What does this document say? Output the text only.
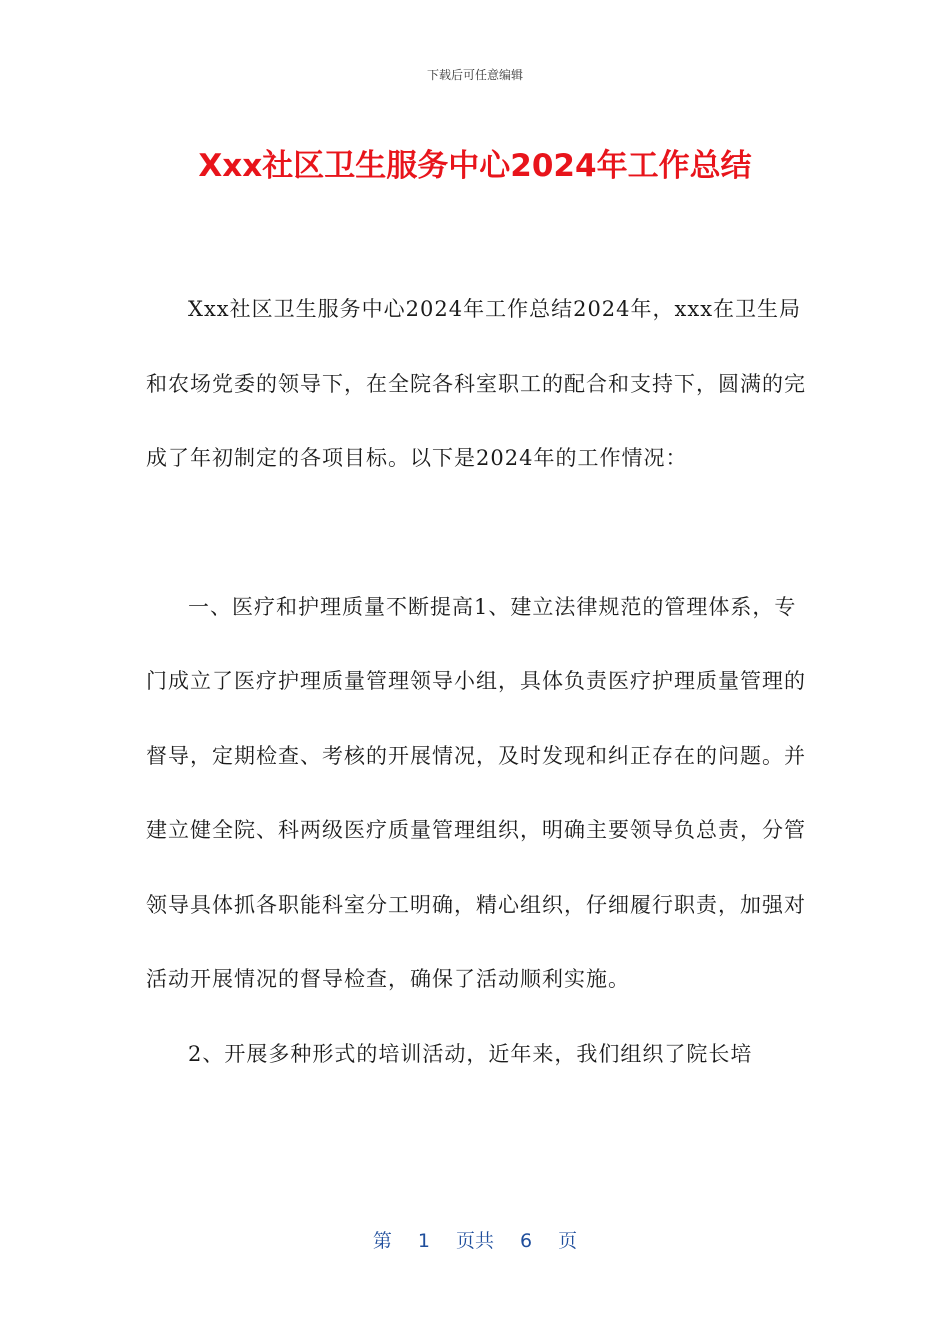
下载后可任意编辑
Xxx社区卫生服务中心2024年工作总结

Xxx社区卫生服务中心2024年工作总结2024年，xxx在卫生局和农场党委的领导下，在全院各科室职工的配合和支持下，圆满的完成了年初制定的各项目标。以下是2024年的工作情况：

一、医疗和护理质量不断提高1、建立法律规范的管理体系，专门成立了医疗护理质量管理领导小组，具体负责医疗护理质量管理的督导，定期检查、考核的开展情况，及时发现和纠正存在的问题。并建立健全院、科两级医疗质量管理组织，明确主要领导负总责，分管领导具体抓各职能科室分工明确，精心组织，仔细履行职责，加强对活动开展情况的督导检查，确保了活动顺利实施。

2、开展多种形式的培训活动，近年来，我们组织了院长培

第 1 页共 6 页
